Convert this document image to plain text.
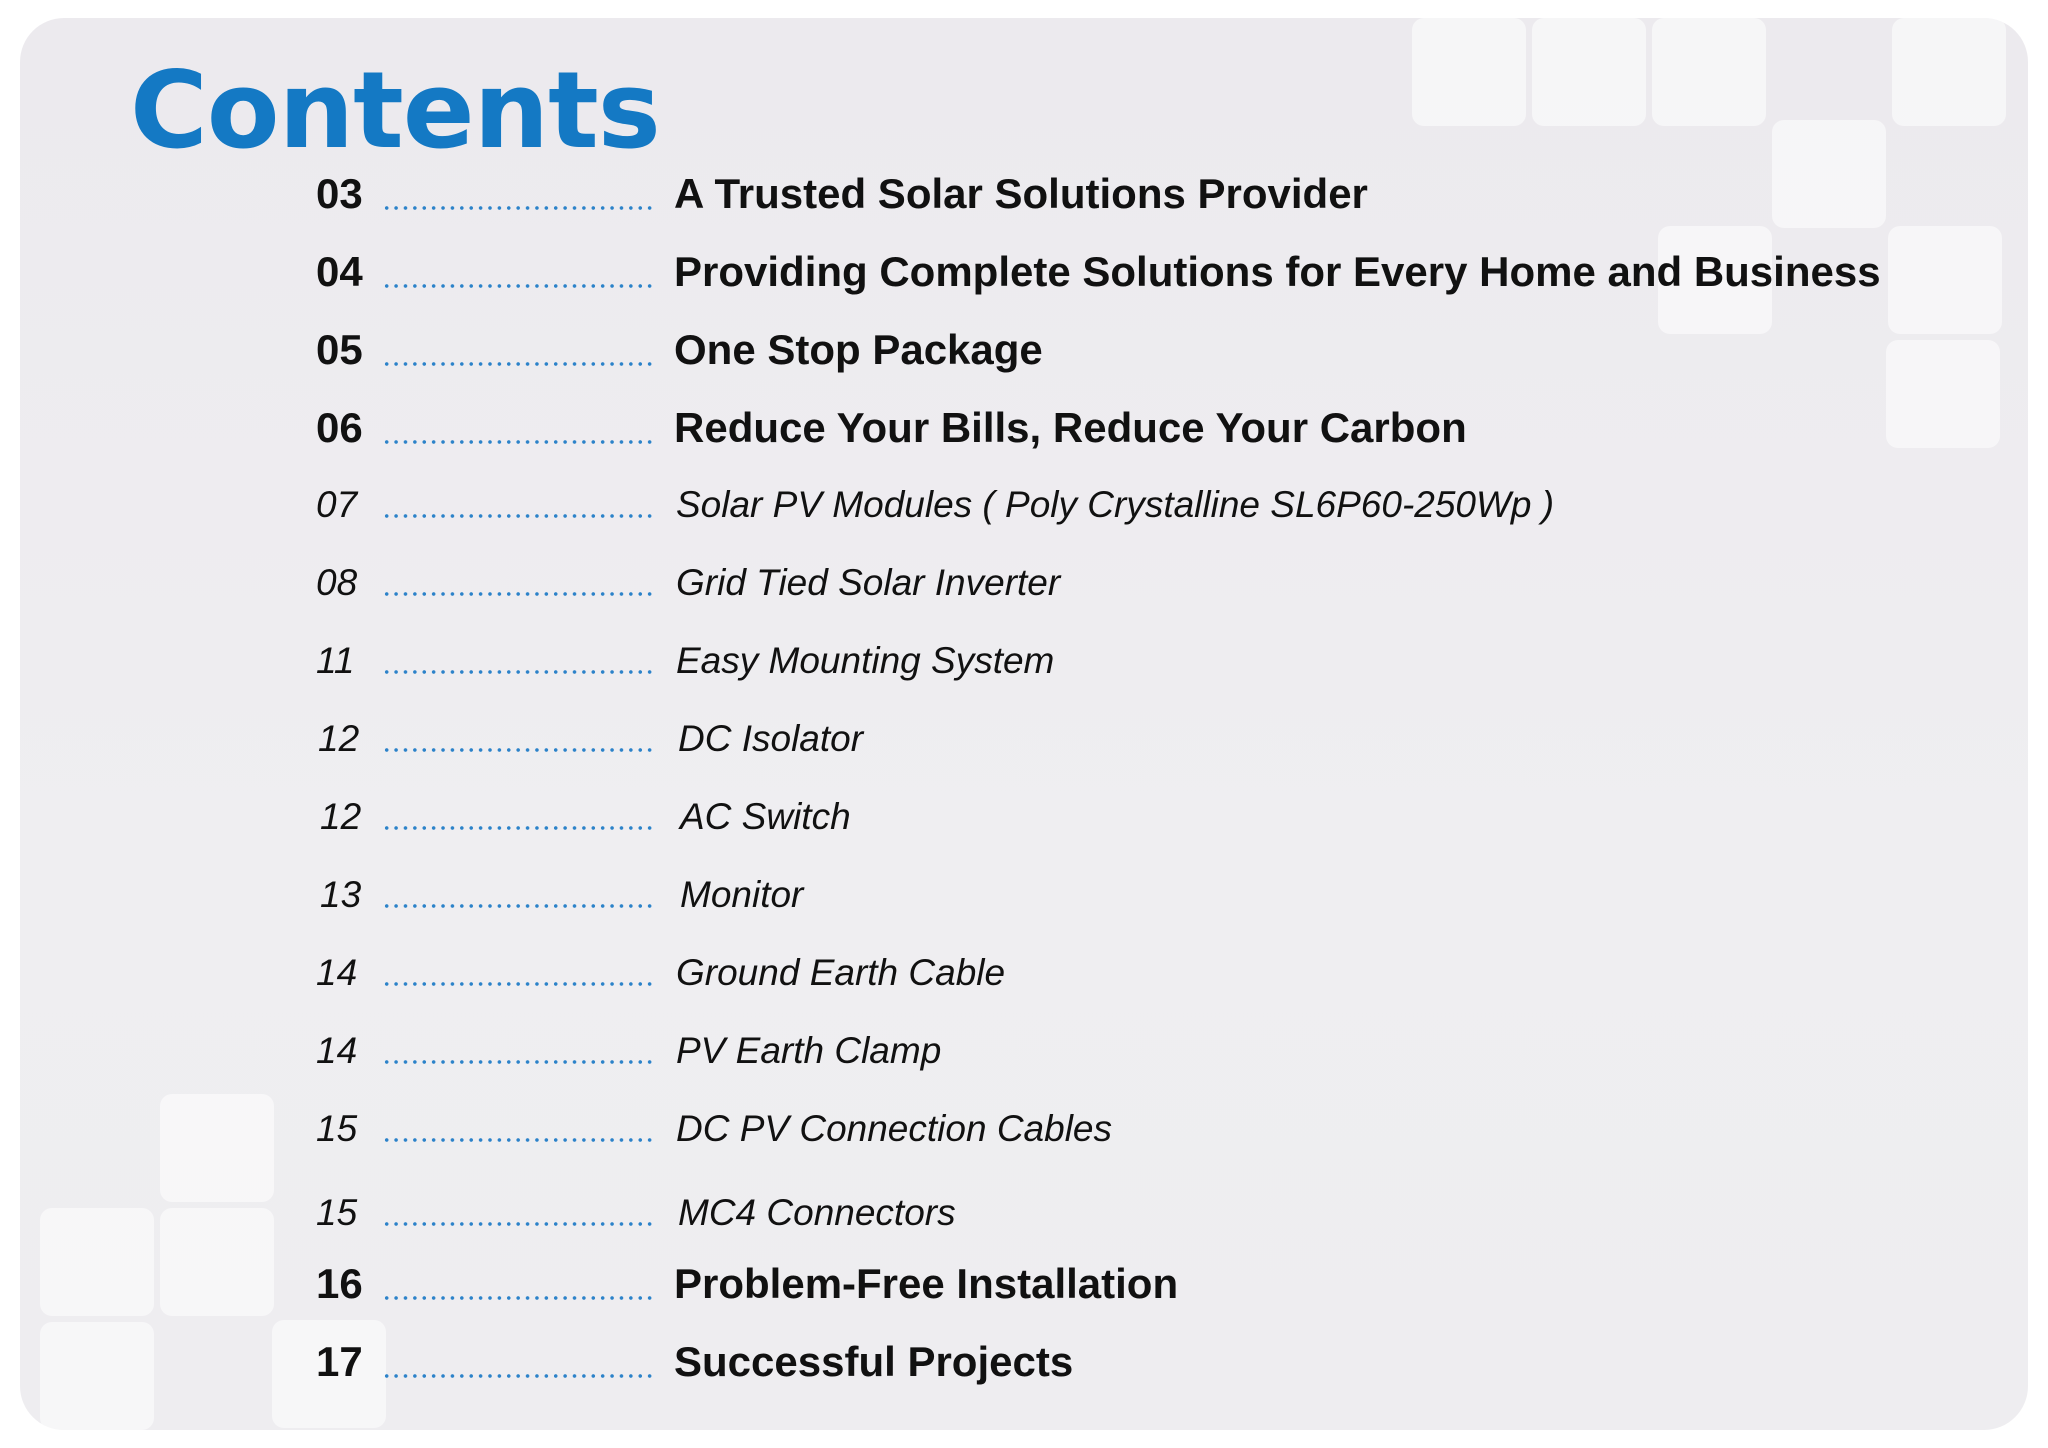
Contents
03	A Trusted Solar Solutions Provider
04	Providing Complete Solutions for Every Home and Business
05	One Stop Package
06	Reduce Your Bills, Reduce Your Carbon
07	Solar PV Modules ( Poly Crystalline SL6P60-250Wp )
08	Grid Tied Solar Inverter
11	Easy Mounting System
12	DC Isolator
12	AC Switch
13	Monitor
14	Ground Earth Cable
14	PV Earth Clamp
15	DC PV Connection Cables
15	MC4 Connectors
16	Problem-Free Installation
17	Successful Projects
